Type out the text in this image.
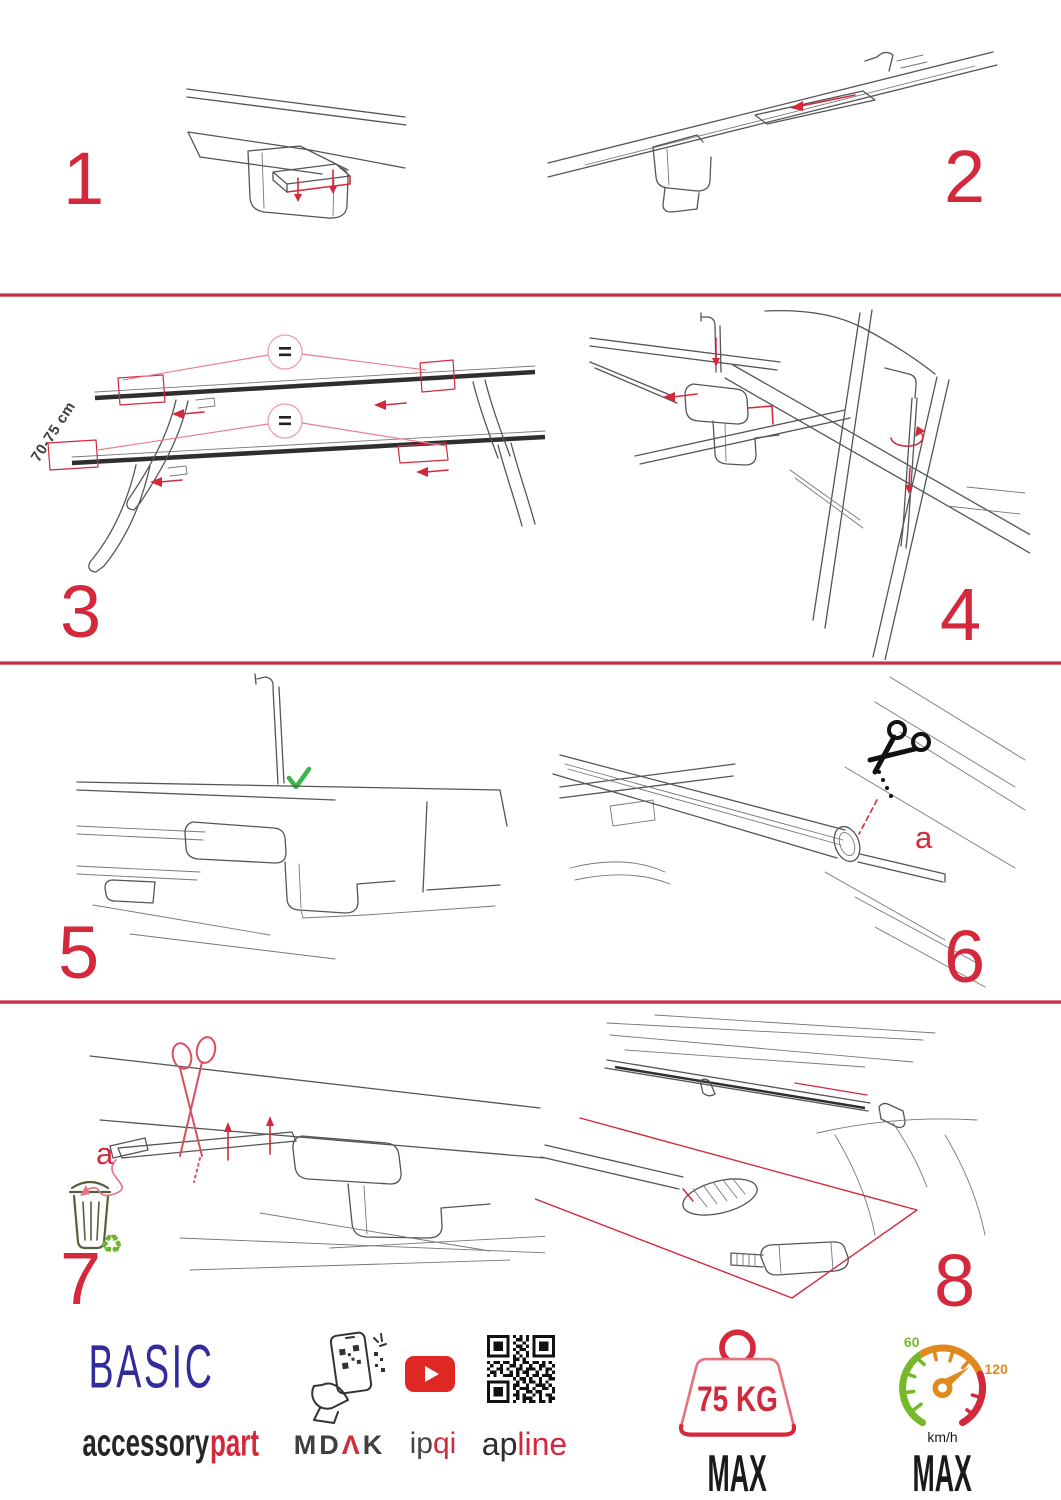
1	2
=
=
70-75 cm
3	4
5
a
6
♻
a
7	8
BASIC
accessory part MD Λ K ip qi ap line
75 KG
MAX
60
120
km/h
MAX
